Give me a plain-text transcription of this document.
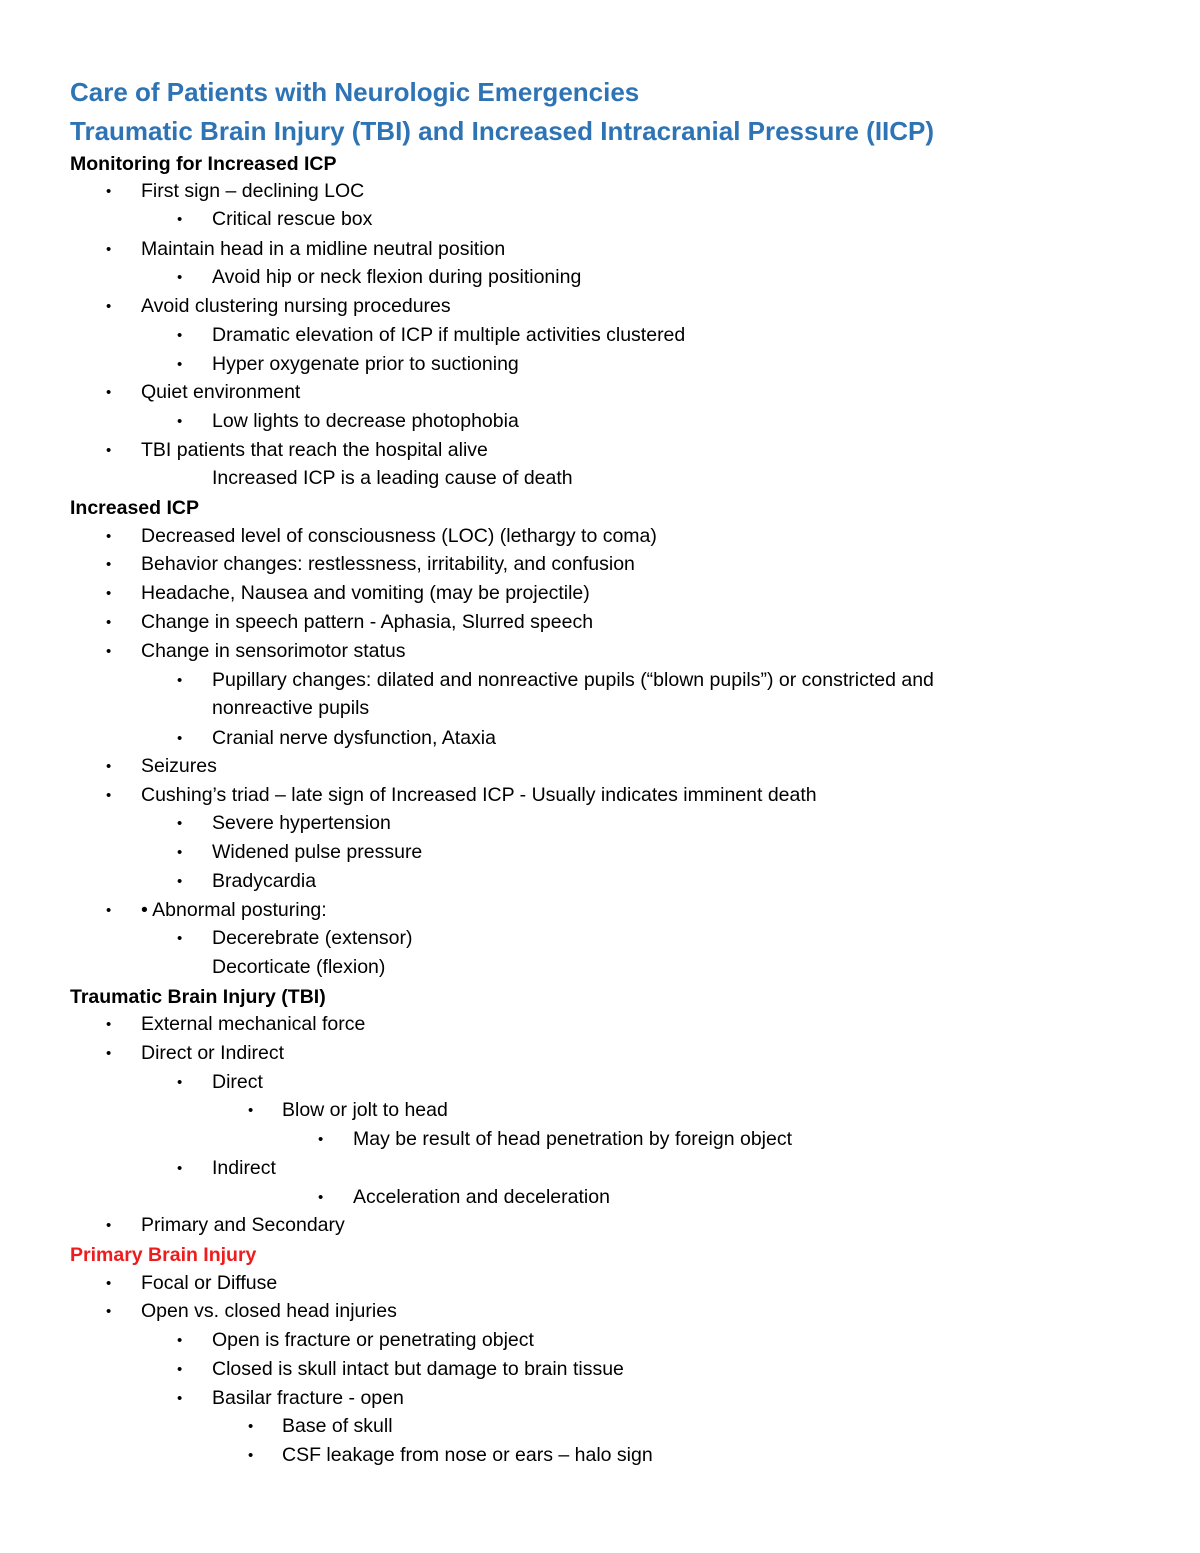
Care of Patients with Neurologic Emergencies
Traumatic Brain Injury (TBI) and Increased Intracranial Pressure (IICP)
Monitoring for Increased ICP
• First sign – declining LOC
• Critical rescue box
• Maintain head in a midline neutral position
• Avoid hip or neck flexion during positioning
• Avoid clustering nursing procedures
• Dramatic elevation of ICP if multiple activities clustered
• Hyper oxygenate prior to suctioning
• Quiet environment
• Low lights to decrease photophobia
• TBI patients that reach the hospital alive
Increased ICP is a leading cause of death
Increased ICP
• Decreased level of consciousness (LOC) (lethargy to coma)
• Behavior changes: restlessness, irritability, and confusion
• Headache, Nausea and vomiting (may be projectile)
• Change in speech pattern - Aphasia, Slurred speech
• Change in sensorimotor status
• Pupillary changes: dilated and nonreactive pupils (“blown pupils”) or constricted and
nonreactive pupils
• Cranial nerve dysfunction, Ataxia
• Seizures
• Cushing’s triad – late sign of Increased ICP - Usually indicates imminent death
• Severe hypertension
• Widened pulse pressure
• Bradycardia
• • Abnormal posturing:
• Decerebrate (extensor)
Decorticate (flexion)
Traumatic Brain Injury (TBI)
• External mechanical force
• Direct or Indirect
• Direct
• Blow or jolt to head
• May be result of head penetration by foreign object
• Indirect
• Acceleration and deceleration
• Primary and Secondary
Primary Brain Injury
• Focal or Diffuse
• Open vs. closed head injuries
• Open is fracture or penetrating object
• Closed is skull intact but damage to brain tissue
• Basilar fracture - open
• Base of skull
• CSF leakage from nose or ears – halo sign
